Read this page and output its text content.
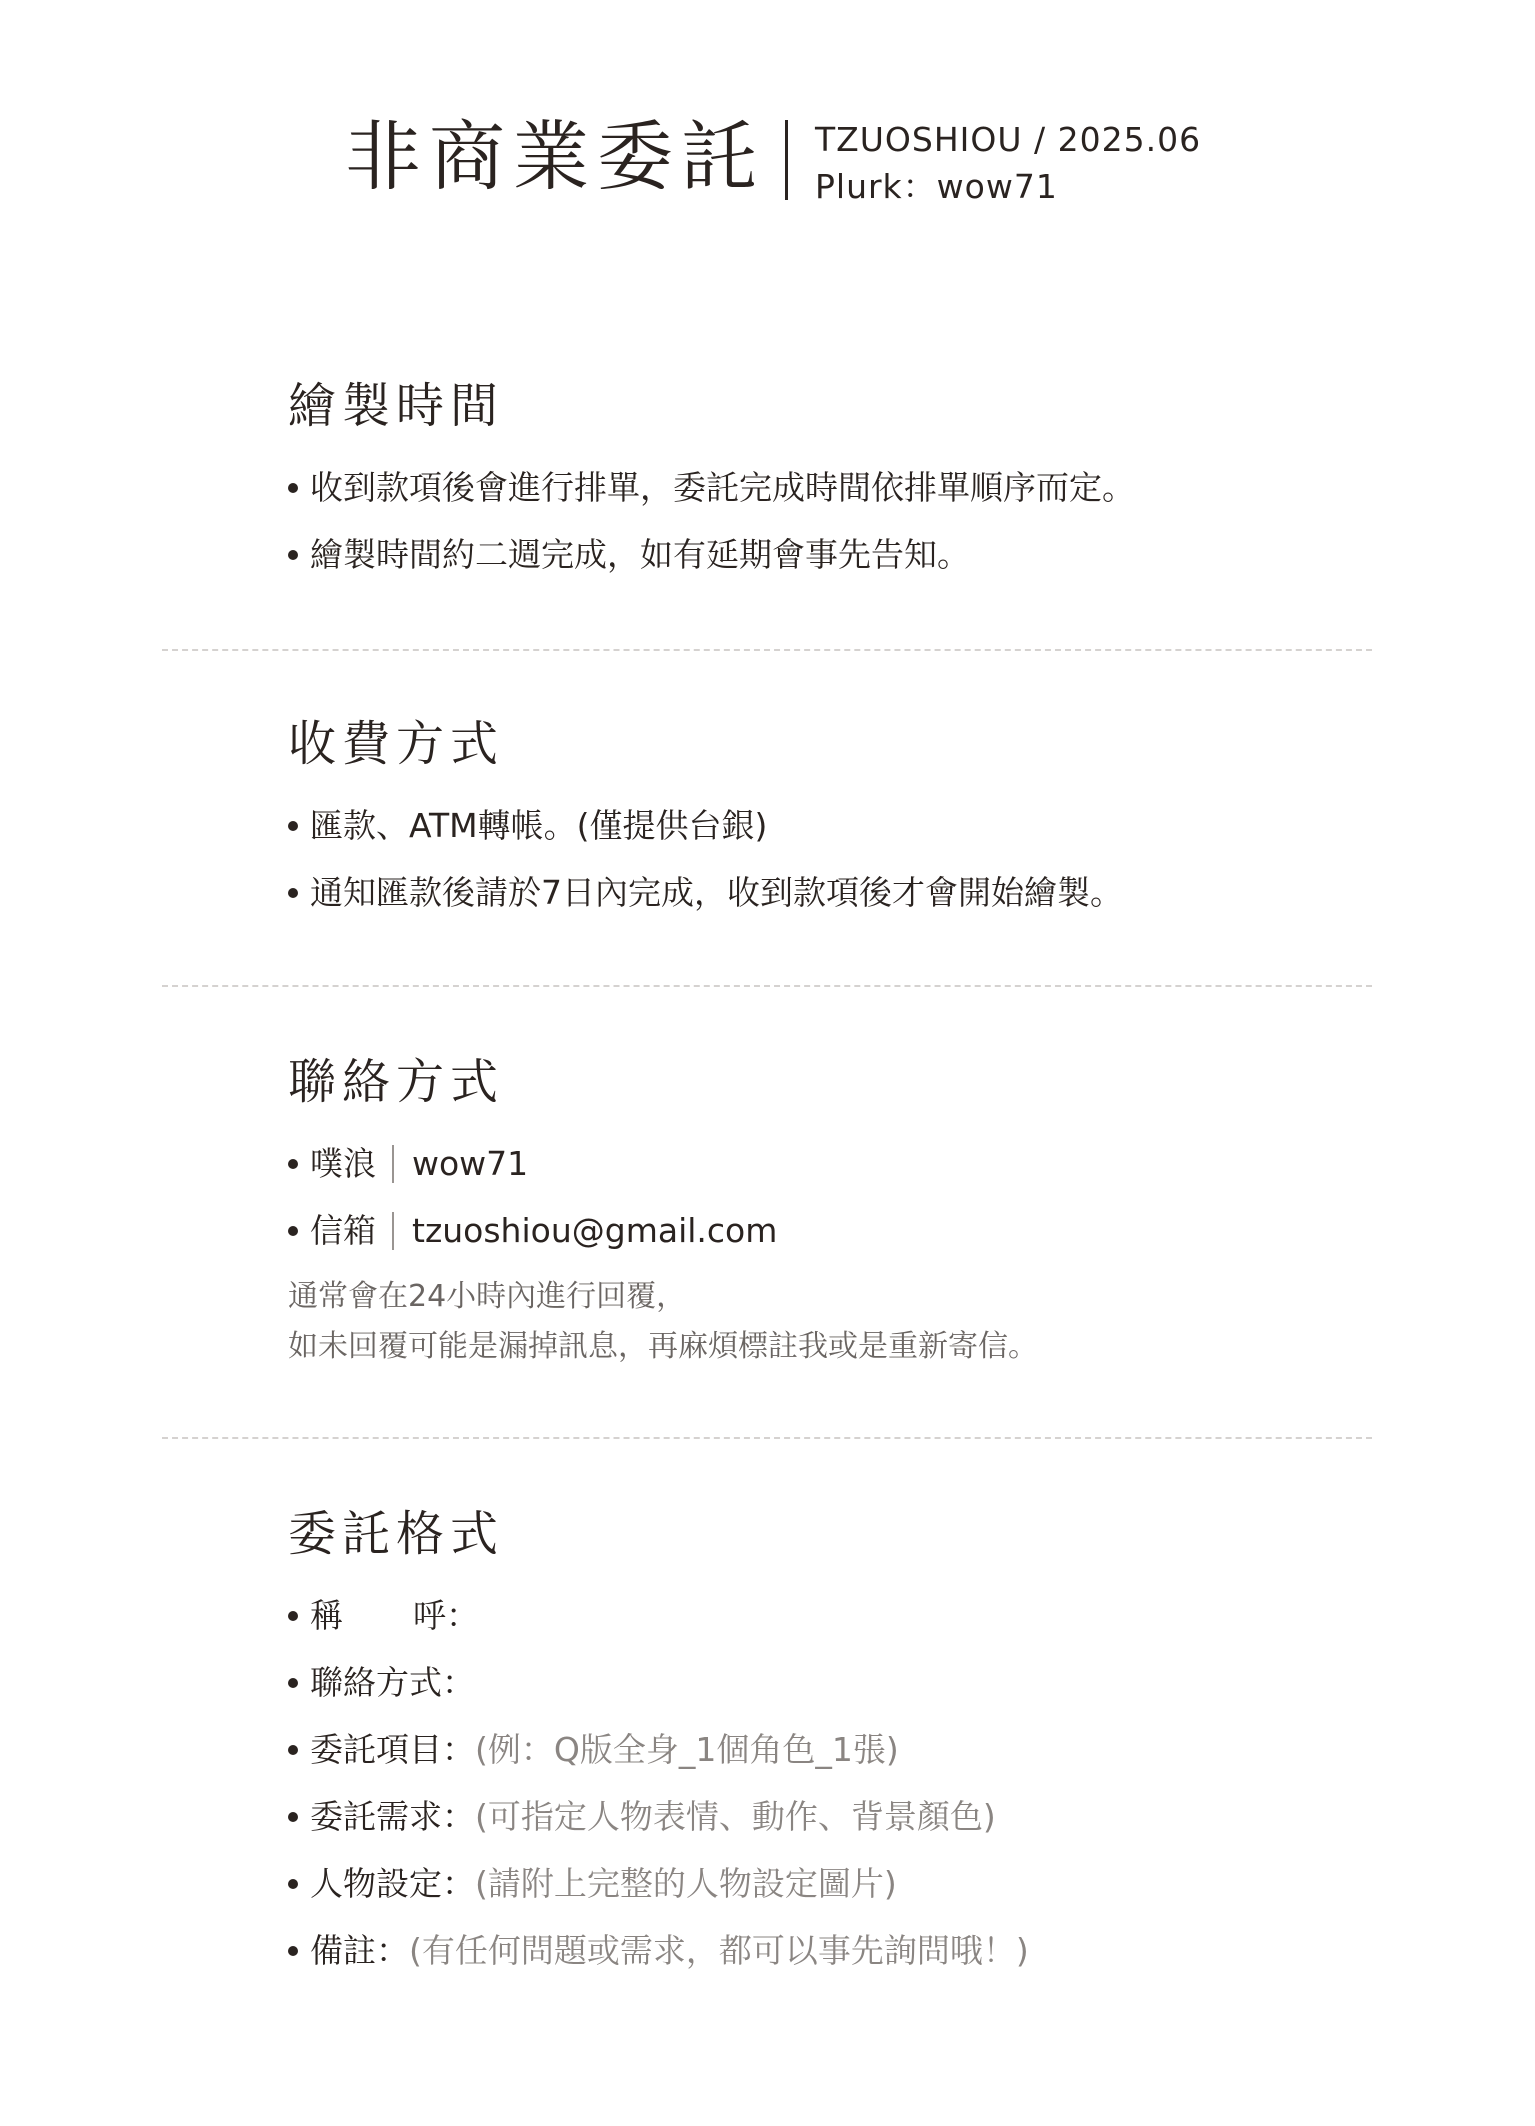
非商業委託 TZUOSHIOU / 2025.06
Plurk：wow71
繪製時間
收到款項後會進行排單，委託完成時間依排單順序而定。
繪製時間約二週完成，如有延期會事先告知。
收費方式
匯款、ATM轉帳。(僅提供台銀)
通知匯款後請於7日內完成，收到款項後才會開始繪製。
聯絡方式
噗浪 wow71
信箱 tzuoshiou@gmail.com
通常會在24小時內進行回覆，
如未回覆可能是漏掉訊息，再麻煩標註我或是重新寄信。
委託格式
稱 呼：
聯絡方式：
委託項目： (例：Q版全身_1個角色_1張)
委託需求： (可指定人物表情、動作、背景顏色)
人物設定： (請附上完整的人物設定圖片)
備註： (有任何問題或需求，都可以事先詢問哦！)
